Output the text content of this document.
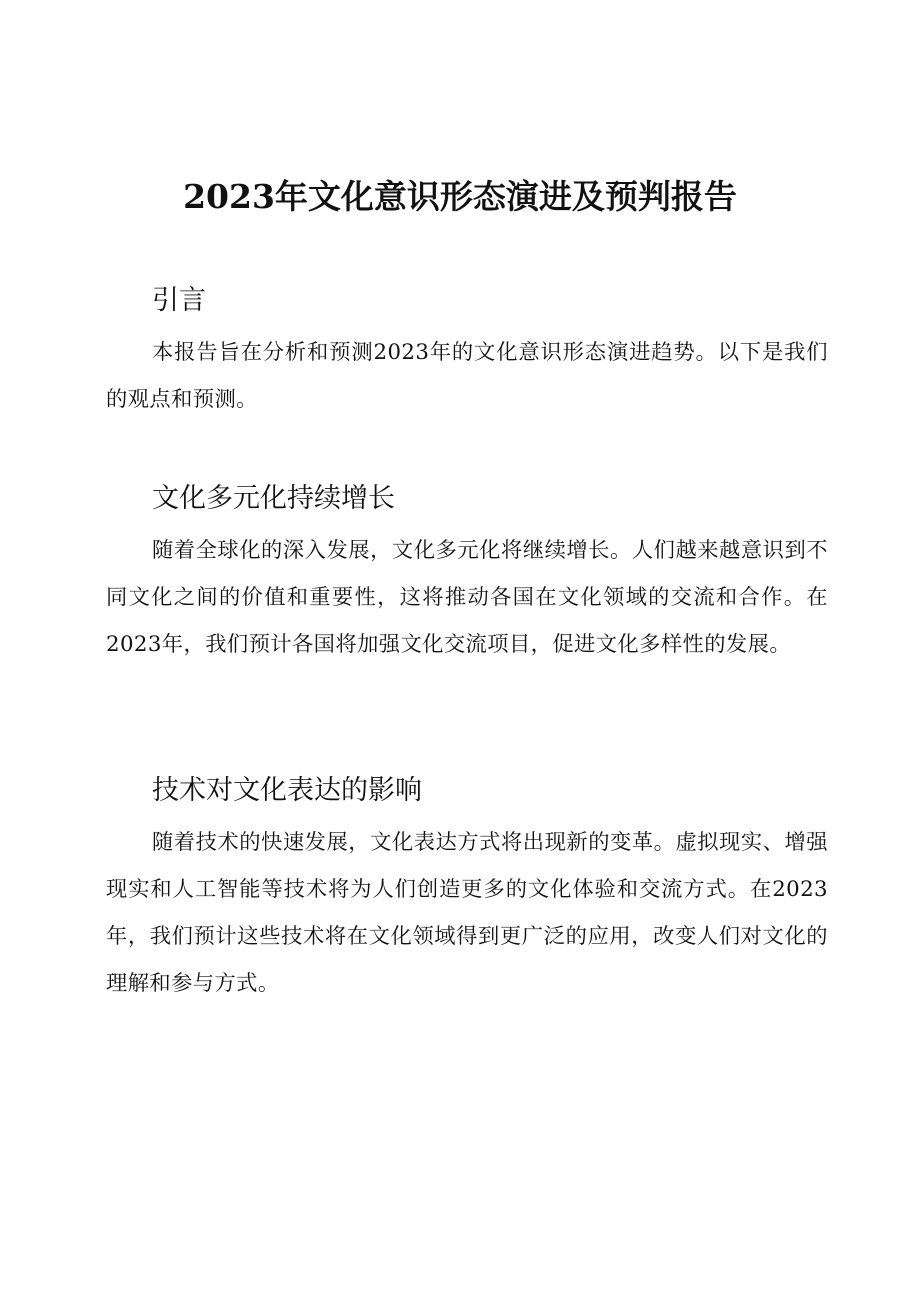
2023年文化意识形态演进及预判报告
引言

本报告旨在分析和预测2023年的文化意识形态演进趋势。以下是我们的观点和预测。

文化多元化持续增长

随着全球化的深入发展，文化多元化将继续增长。人们越来越意识到不同文化之间的价值和重要性，这将推动各国在文化领域的交流和合作。在2023年，我们预计各国将加强文化交流项目，促进文化多样性的发展。

技术对文化表达的影响

随着技术的快速发展，文化表达方式将出现新的变革。虚拟现实、增强现实和人工智能等技术将为人们创造更多的文化体验和交流方式。在2023年，我们预计这些技术将在文化领域得到更广泛的应用，改变人们对文化的理解和参与方式。
